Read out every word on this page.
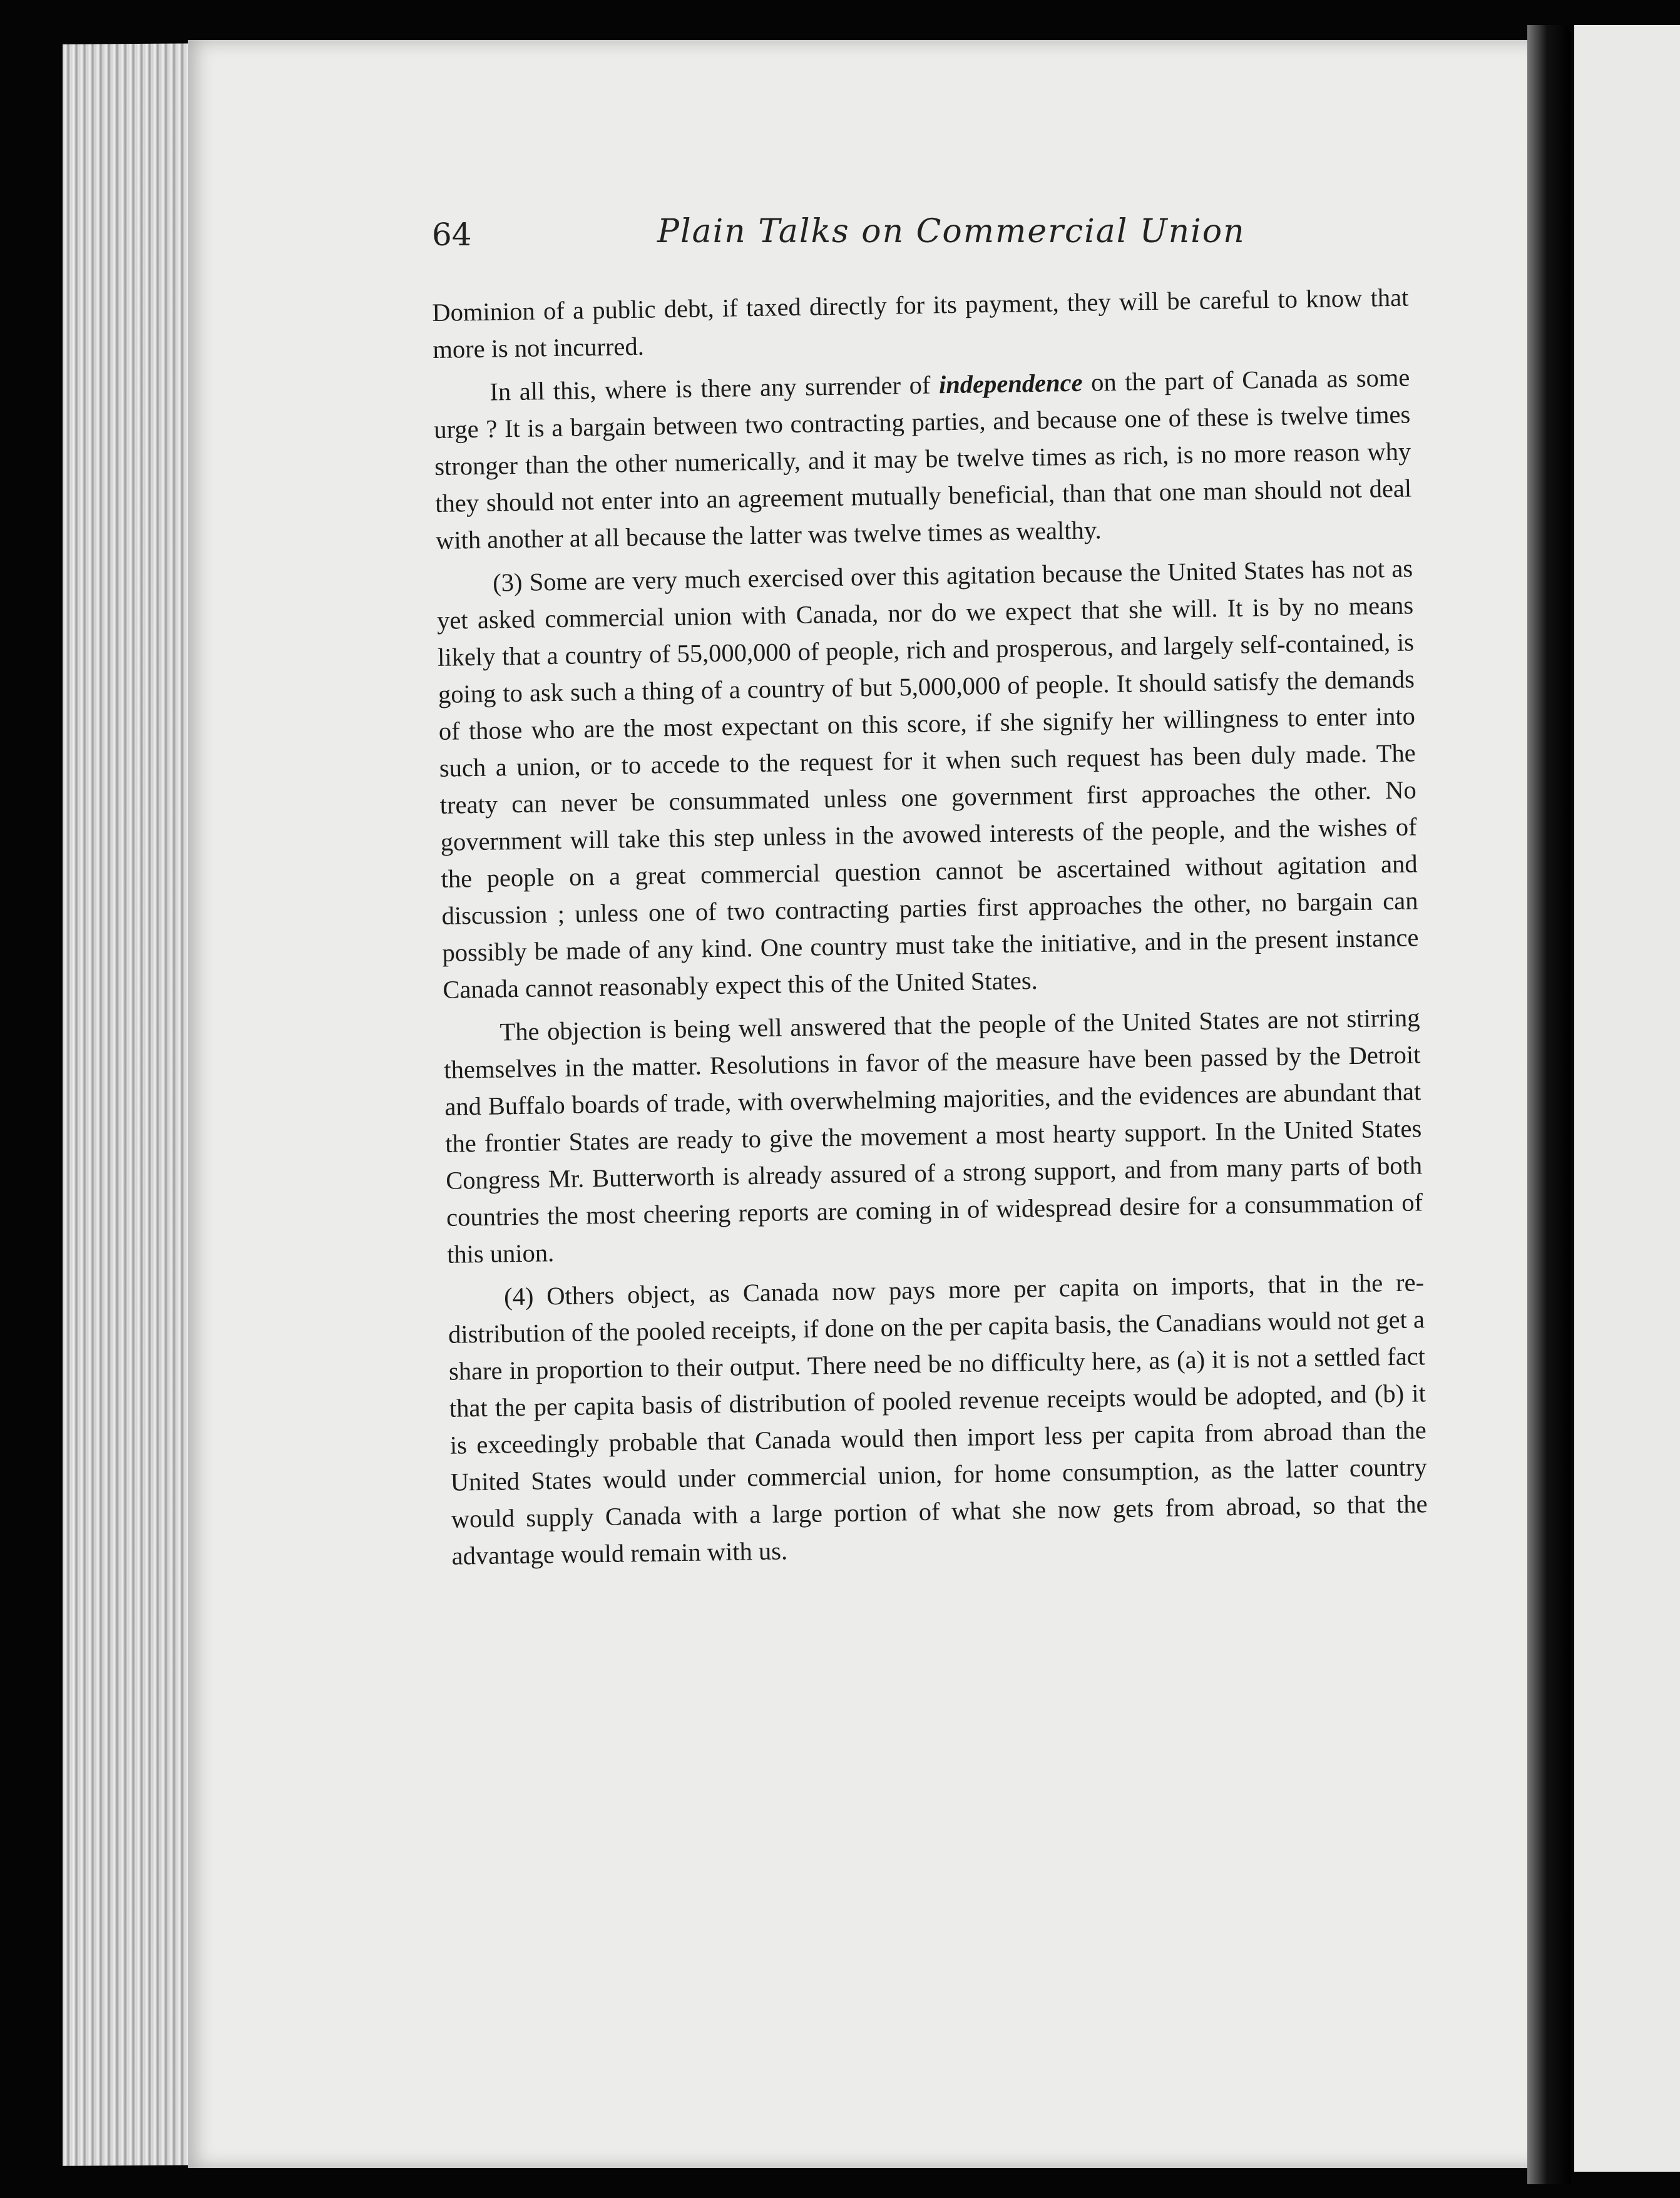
64	Plain Talks on Commercial Union

Dominion of a public debt, if taxed directly for its payment, they will be careful to know that more is not incurred.

In all this, where is there any surrender of independence on the part of Canada as some urge ? It is a bargain between two contracting parties, and because one of these is twelve times stronger than the other numerically, and it may be twelve times as rich, is no more reason why they should not enter into an agreement mutually beneficial, than that one man should not deal with another at all because the latter was twelve times as wealthy.

(3) Some are very much exercised over this agitation because the United States has not as yet asked commercial union with Canada, nor do we expect that she will. It is by no means likely that a country of 55,000,000 of people, rich and prosperous, and largely self-contained, is going to ask such a thing of a country of but 5,000,000 of people. It should satisfy the demands of those who are the most expectant on this score, if she signify her willingness to enter into such a union, or to accede to the request for it when such request has been duly made. The treaty can never be consummated unless one government first approaches the other. No government will take this step unless in the avowed interests of the people, and the wishes of the people on a great commercial question cannot be ascertained without agitation and discussion ; unless one of two contracting parties first approaches the other, no bargain can possibly be made of any kind. One country must take the initiative, and in the present instance Canada cannot reasonably expect this of the United States.

The objection is being well answered that the people of the United States are not stirring themselves in the matter. Resolutions in favor of the measure have been passed by the Detroit and Buffalo boards of trade, with overwhelming majorities, and the evidences are abundant that the frontier States are ready to give the movement a most hearty support. In the United States Congress Mr. Butterworth is already assured of a strong support, and from many parts of both countries the most cheering reports are coming in of widespread desire for a consummation of this union.

(4) Others object, as Canada now pays more per capita on imports, that in the re-distribution of the pooled receipts, if done on the per capita basis, the Canadians would not get a share in proportion to their output. There need be no difficulty here, as (a) it is not a settled fact that the per capita basis of distribution of pooled revenue receipts would be adopted, and (b) it is exceedingly probable that Canada would then import less per capita from abroad than the United States would under commercial union, for home consumption, as the latter country would supply Canada with a large portion of what she now gets from abroad, so that the advantage would remain with us.
